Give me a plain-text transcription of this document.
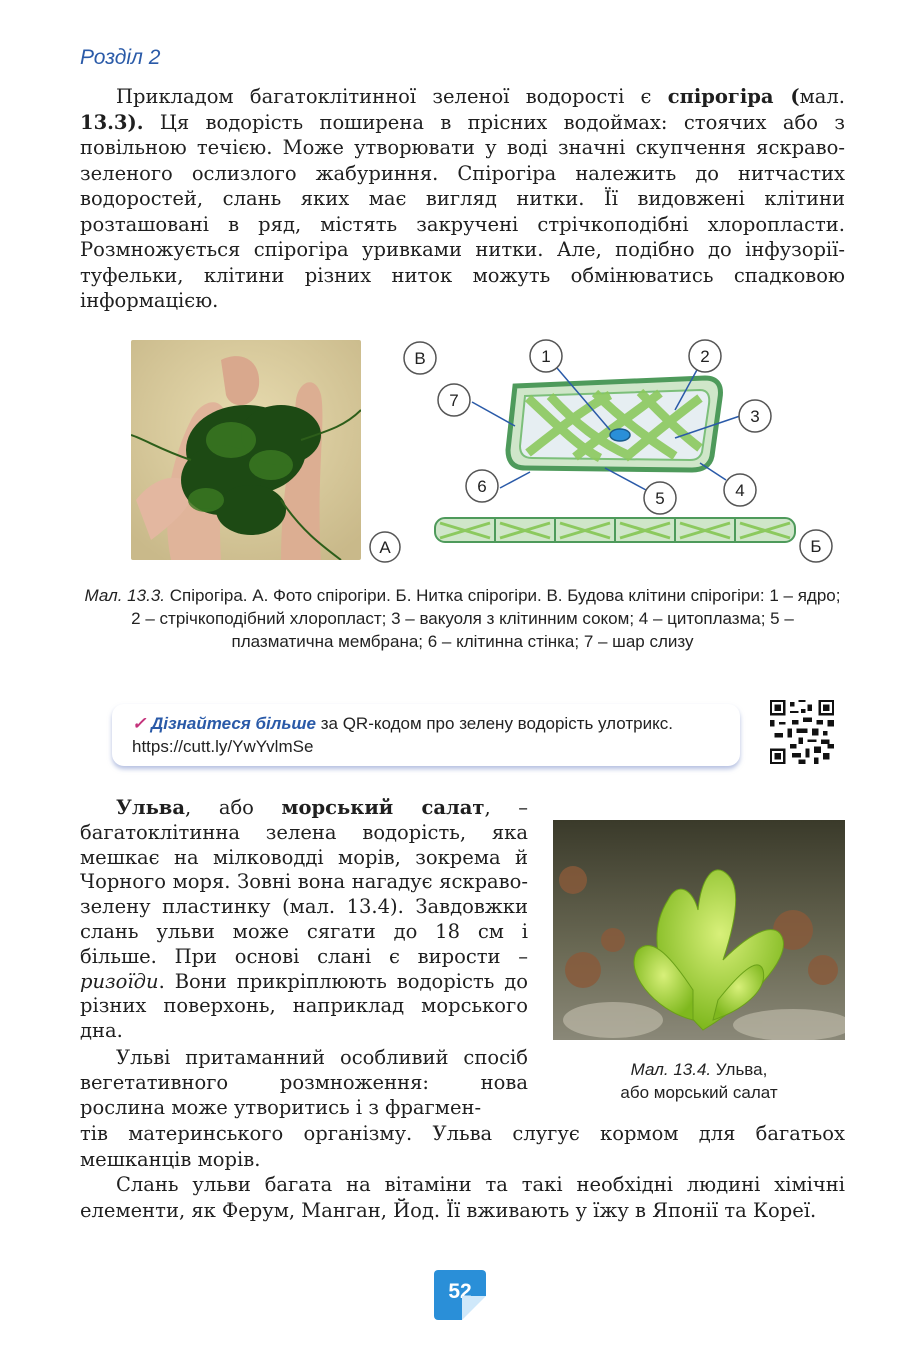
Розділ 2

Прикладом багатоклітинної зеленої водорості є спірогіра (мал. 13.3). Ця водорість поширена в прісних водоймах: стоячих або з повільною течією. Може утворювати у воді значні скупчення яскраво-зеленого ослизлого жабуриння. Спірогіра належить до нитчастих водоростей, слань яких має вигляд нитки. Її видовжені клітини розташовані в ряд, містять закручені стрічкоподібні хлоропласти. Розмножується спірогіра уривками нитки. Але, подібно до інфузорії-туфельки, клітини різних ниток можуть обмінюватись спадковою інформацією.

В	1	2
3
4
5
6
7
Б
А

Мал. 13.3. Спірогіра. А. Фото спірогіри. Б. Нитка спірогіри. В. Будова клітини спірогіри: 1 – ядро; 2 – стрічкоподібний хлоропласт; 3 – вакуоля з клітинним соком; 4 – цитоплазма; 5 – плазматична мембрана; 6 – клітинна стінка; 7 – шар слизу

✓ Дізнайтеся більше за QR-кодом про зелену водорість улотрикс. https://cutt.ly/YwYvlmSe

Ульва, або морський салат, – багатоклітинна зелена водорість, яка мешкає на мілководді морів, зокрема й Чорного моря. Зовні вона нагадує яскраво-зелену пластинку (мал. 13.4). Завдовжки слань ульви може сягати до 18 см і більше. При основі слані є вирости – ризоїди. Вони прикріплюють водорість до різних поверхонь, наприклад морського дна.

Ульві притаманний особливий спосіб вегетативного розмноження: нова рослина може утворитись і з фрагмен-

Мал. 13.4. Ульва,
або морський салат

тів материнського організму. Ульва слугує кормом для багатьох мешканців морів.

Слань ульви багата на вітаміни та такі необхідні людині хімічні елементи, як Ферум, Манган, Йод. Її вживають у їжу в Японії та Кореї.

52
